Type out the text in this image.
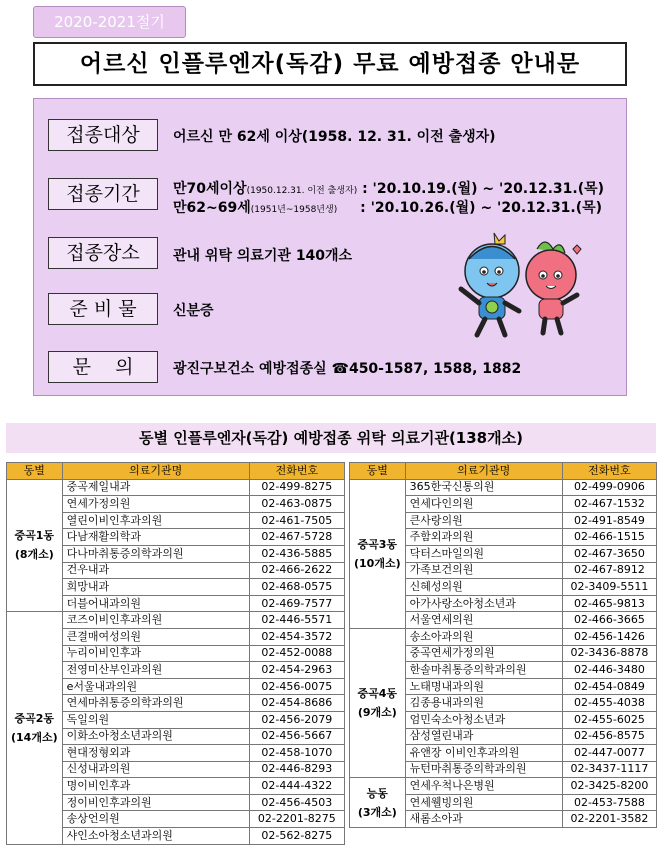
2020-2021절기
어르신 인플루엔자(독감) 무료 예방접종 안내문
접종대상	어르신 만 62세 이상(1958. 12. 31. 이전 출생자)
접종기간	만70세이상(1950.12.31. 이전 출생자) : '20.10.19.(월) ~ '20.12.31.(목)
만62~69세(1951년~1958년생) : '20.10.26.(월) ~ '20.12.31.(목)
접종장소	관내 위탁 의료기관 140개소
준 비 물	신분증
문    의	광진구보건소 예방접종실 ☎450-1587, 1588, 1882
동별 인플루엔자(독감) 예방접종 위탁 의료기관(138개소)
동별	의료기관명	전화번호

중곡1동
(8개소)	중곡제일내과	02-499-8275
	연세가정의원	02-463-0875
	열린이비인후과의원	02-461-7505
	다남재활의학과	02-467-5728
	다나마취통증의학과의원	02-436-5885
	건우내과	02-466-2622
	희망내과	02-468-0575
	더블어내과의원	02-469-7577

중곡2동
(14개소)	코즈이비인후과의원	02-446-5571
	큰결매여성의원	02-454-3572
	누리이비인후과	02-452-0088
	전영미산부인과의원	02-454-2963
	e서울내과의원	02-456-0075
	연세마취통증의학과의원	02-454-8686
	독일의원	02-456-2079
	이화소아청소년과의원	02-456-5667
	현대정형외과	02-458-1070
	신성내과의원	02-446-8293
	명이비인후과	02-444-4322
	정이비인후과의원	02-456-4503
	송상언의원	02-2201-8275
	샤인소아청소년과의원	02-562-8275
동별	의료기관명	전화번호

중곡3동
(10개소)	365한국신통의원	02-499-0906
	연세다인의원	02-467-1532
	큰사랑의원	02-491-8549
	주함외과의원	02-466-1515
	닥터스마일의원	02-467-3650
	가족보건의원	02-467-8912
	신혜성의원	02-3409-5511
	아가사랑소아청소년과	02-465-9813
	서울연세의원	02-466-3665

중곡4동
(9개소)	송소아과의원	02-456-1426
	중곡연세가정의원	02-3436-8878
	한솔마취통증의학과의원	02-446-3480
	노태명내과의원	02-454-0849
	김종용내과의원	02-455-4038
	엄민숙소아청소년과	02-455-6025
	삼성열린내과	02-456-8575
	유앤장 이비인후과의원	02-447-0077
	뉴턴마취통증의학과의원	02-3437-1117

능동
(3개소)	연세우척나은병원	02-3425-8200
	연세웰빙의원	02-453-7588
	새롬소아과	02-2201-3582
